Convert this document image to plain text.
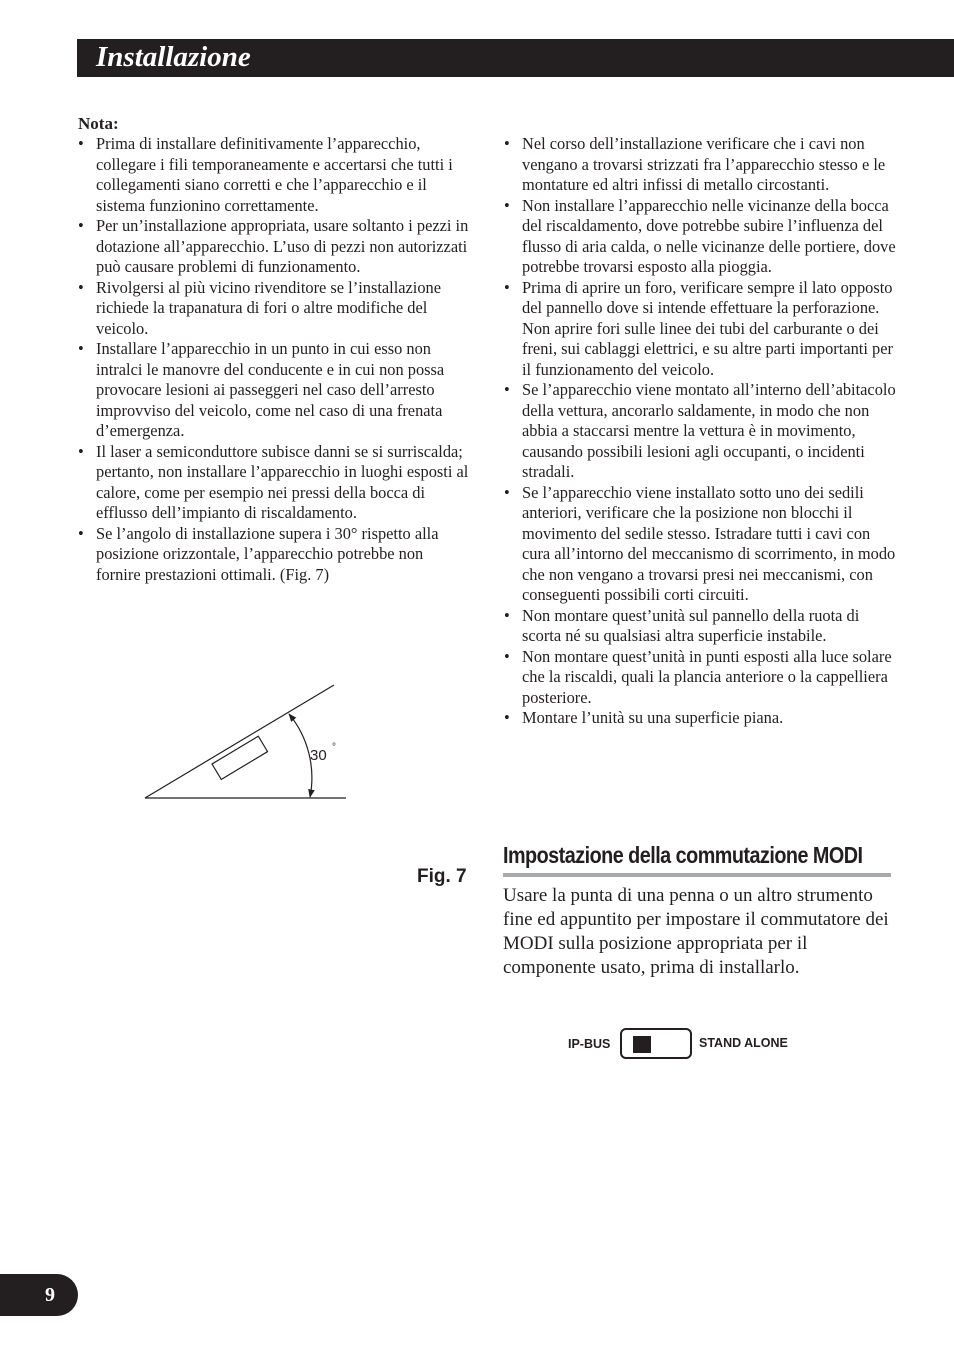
Installazione
Nota:
• Prima di installare definitivamente l’apparecchio, collegare i fili temporaneamente e accertarsi che tutti i collegamenti siano corretti e che l’apparecchio e il sistema funzionino correttamente.
• Per un’installazione appropriata, usare soltanto i pezzi in dotazione all’apparecchio. L’uso di pezzi non autorizzati può causare problemi di funzionamento.
• Rivolgersi al più vicino rivenditore se l’installazione richiede la trapanatura di fori o altre modifiche del veicolo.
• Installare l’apparecchio in un punto in cui esso non intralci le manovre del conducente e in cui non possa provocare lesioni ai passeggeri nel caso dell’arresto improvviso del veicolo, come nel caso di una frenata d’emergenza.
• Il laser a semiconduttore subisce danni se si surriscalda; pertanto, non installare l’apparecchio in luoghi esposti al calore, come per esempio nei pressi della bocca di efflusso dell’impianto di riscaldamento.
• Se l’angolo di installazione supera i 30° rispetto alla posizione orizzontale, l’apparecchio potrebbe non fornire prestazioni ottimali. (Fig. 7)
30 °
Fig. 7
• Nel corso dell’installazione verificare che i cavi non vengano a trovarsi strizzati fra l’apparecchio stesso e le montature ed altri infissi di metallo circostanti.
• Non installare l’apparecchio nelle vicinanze della bocca del riscaldamento, dove potrebbe subire l’influenza del flusso di aria calda, o nelle vicinanze delle portiere, dove potrebbe trovarsi esposto alla pioggia.
• Prima di aprire un foro, verificare sempre il lato opposto del pannello dove si intende effettuare la perforazione. Non aprire fori sulle linee dei tubi del carburante o dei freni, sui cablaggi elettrici, e su altre parti importanti per il funzionamento del veicolo.
• Se l’apparecchio viene montato all’interno dell’abitacolo della vettura, ancorarlo saldamente, in modo che non abbia a staccarsi mentre la vettura è in movimento, causando possibili lesioni agli occupanti, o incidenti stradali.
• Se l’apparecchio viene installato sotto uno dei sedili anteriori, verificare che la posizione non blocchi il movimento del sedile stesso. Istradare tutti i cavi con cura all’intorno del meccanismo di scorrimento, in modo che non vengano a trovarsi presi nei meccanismi, con conseguenti possibili corti circuiti.
• Non montare quest’unità sul pannello della ruota di scorta né su qualsiasi altra superficie instabile.
• Non montare quest’unità in punti esposti alla luce solare che la riscaldi, quali la plancia anteriore o la cappelliera posteriore.
• Montare l’unità su una superficie piana.
Impostazione della commutazione MODI
Usare la punta di una penna o un altro strumento fine ed appuntito per impostare il commutatore dei MODI sulla posizione appropriata per il componente usato, prima di installarlo.
IP-BUS	STAND ALONE
9
